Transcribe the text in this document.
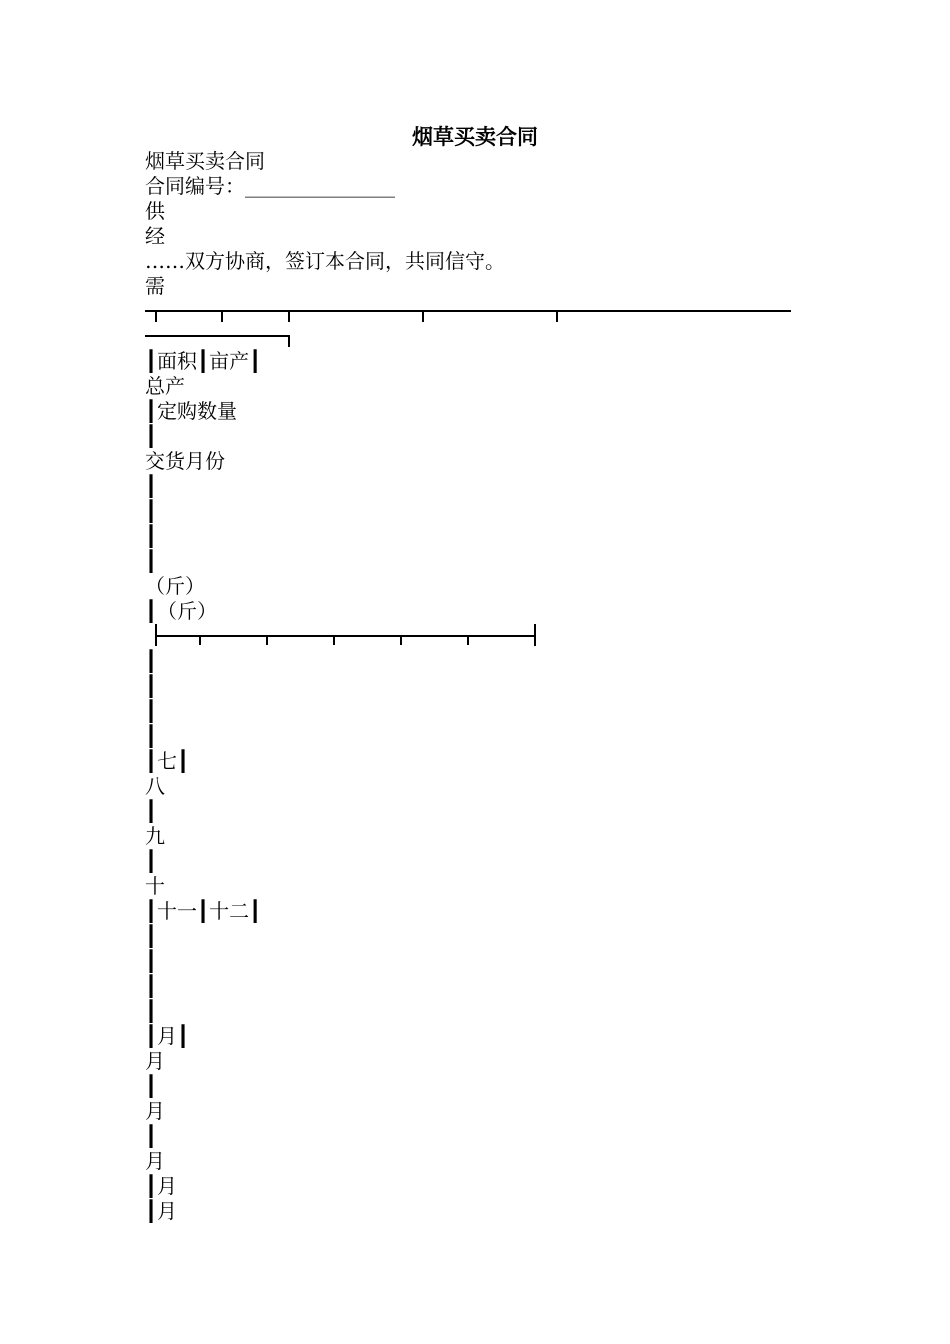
烟草买卖合同
烟草买卖合同
合同编号：_______________
供
经
……双方协商，签订本合同，共同信守。
需
┃面积┃亩产┃
总产
┃定购数量
┃
交货月份
┃
┃
┃
┃
（斤）
┃（斤）
┃
┃
┃
┃
┃七┃
八
┃
九
┃
十
┃十一┃十二┃
┃
┃
┃
┃
┃月┃
月
┃
月
┃
月
┃月
┃月
